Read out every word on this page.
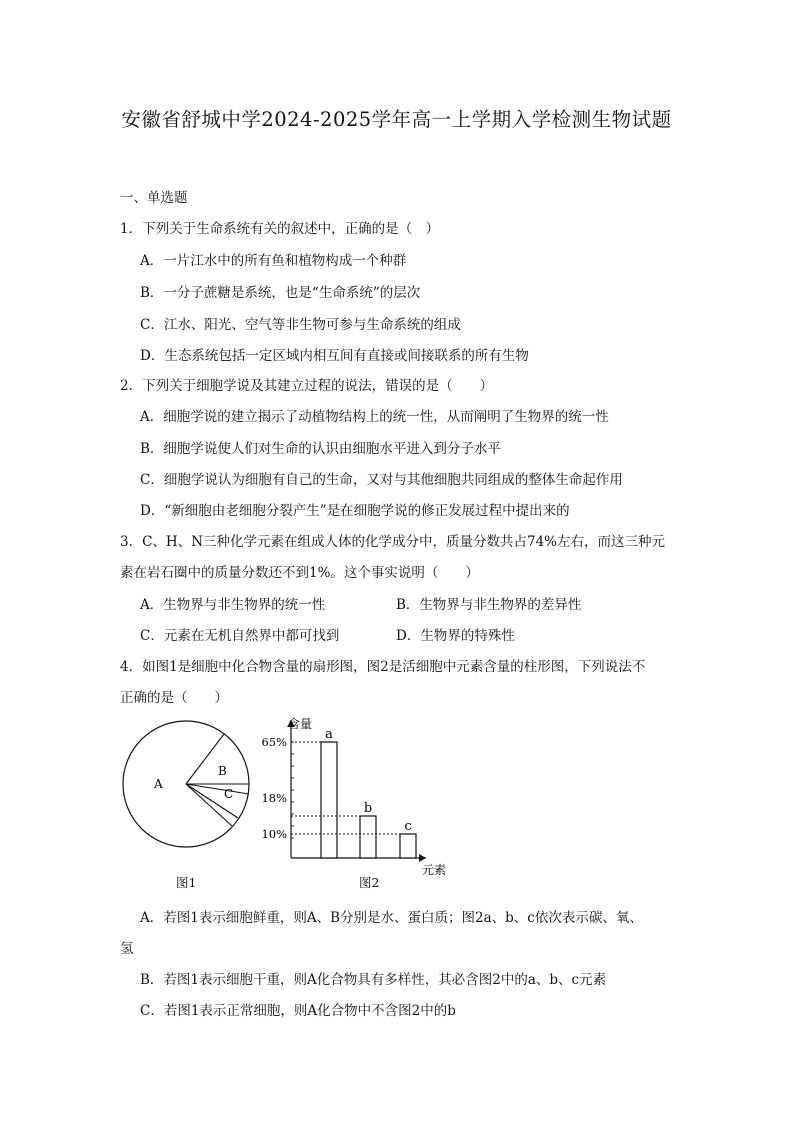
安徽省舒城中学2024-2025学年高一上学期入学检测生物试题
一、单选题
1．下列关于生命系统有关的叙述中，正确的是（　）
A．一片江水中的所有鱼和植物构成一个种群
B．一分子蔗糖是系统，也是“生命系统”的层次
C．江水、阳光、空气等非生物可参与生命系统的组成
D．生态系统包括一定区域内相互间有直接或间接联系的所有生物
2．下列关于细胞学说及其建立过程的说法，错误的是（　　）
A．细胞学说的建立揭示了动植物结构上的统一性，从而阐明了生物界的统一性
B．细胞学说使人们对生命的认识由细胞水平进入到分子水平
C．细胞学说认为细胞有自己的生命，又对与其他细胞共同组成的整体生命起作用
D．“新细胞由老细胞分裂产生”是在细胞学说的修正发展过程中提出来的
3．C、H、N三种化学元素在组成人体的化学成分中，质量分数共占74%左右，而这三种元
素在岩石圈中的质量分数还不到1%。这个事实说明（　　）
A．生物界与非生物界的统一性	B．生物界与非生物界的差异性
C．元素在无机自然界中都可找到	D．生物界的特殊性
4．如图1是细胞中化合物含量的扇形图，图2是活细胞中元素含量的柱形图，下列说法不
正确的是（　　）
A
B
C
图1
含量
元素
a
b
c
65%
18%
10%
图2
A．若图1表示细胞鲜重，则A、B分别是水、蛋白质；图2a、b、c依次表示碳、氧、
氢
B．若图1表示细胞干重，则A化合物具有多样性，其必含图2中的a、b、c元素
C．若图1表示正常细胞，则A化合物中不含图2中的b
